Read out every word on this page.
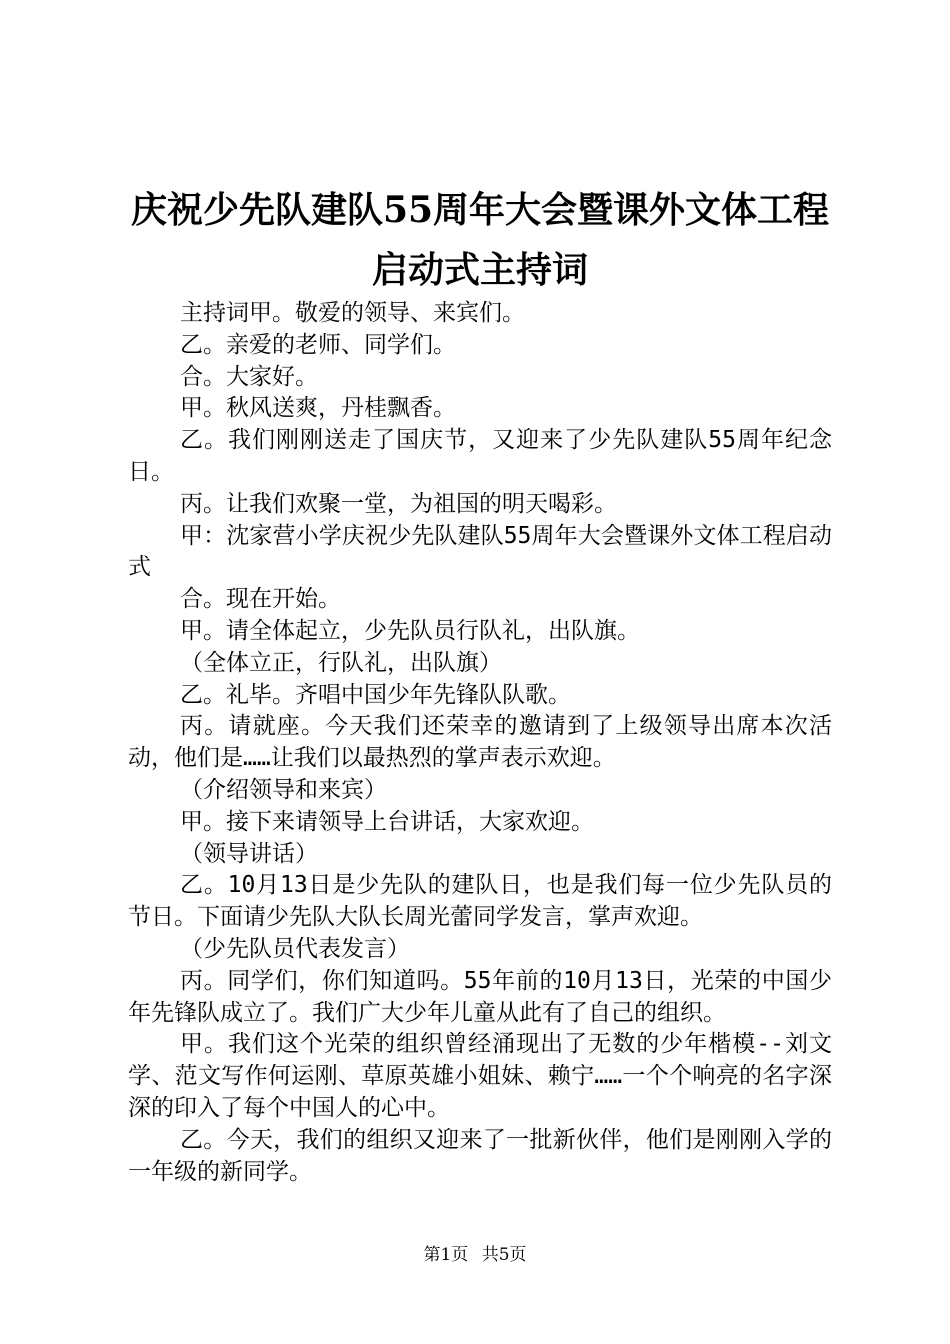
庆祝少先队建队55周年大会暨课外文体工程
启动式主持词

主持词甲。敬爱的领导、来宾们。

乙。亲爱的老师、同学们。

合。大家好。

甲。秋风送爽，丹桂飘香。

乙。我们刚刚送走了国庆节，又迎来了少先队建队55周年纪念日。

丙。让我们欢聚一堂，为祖国的明天喝彩。

甲：沈家营小学庆祝少先队建队55周年大会暨课外文体工程启动式

合。现在开始。

甲。请全体起立，少先队员行队礼，出队旗。

（全体立正，行队礼，出队旗）

乙。礼毕。齐唱中国少年先锋队队歌。

丙。请就座。今天我们还荣幸的邀请到了上级领导出席本次活动，他们是……让我们以最热烈的掌声表示欢迎。

（介绍领导和来宾）

甲。接下来请领导上台讲话，大家欢迎。

（领导讲话）

乙。10月13日是少先队的建队日，也是我们每一位少先队员的节日。下面请少先队大队长周光蕾同学发言，掌声欢迎。

（少先队员代表发言）

丙。同学们，你们知道吗。55年前的10月13日，光荣的中国少年先锋队成立了。我们广大少年儿童从此有了自己的组织。

甲。我们这个光荣的组织曾经涌现出了无数的少年楷模--刘文学、范文写作何运刚、草原英雄小姐妹、赖宁……一个个响亮的名字深深的印入了每个中国人的心中。

乙。今天，我们的组织又迎来了一批新伙伴，他们是刚刚入学的一年级的新同学。

第1页 共5页
